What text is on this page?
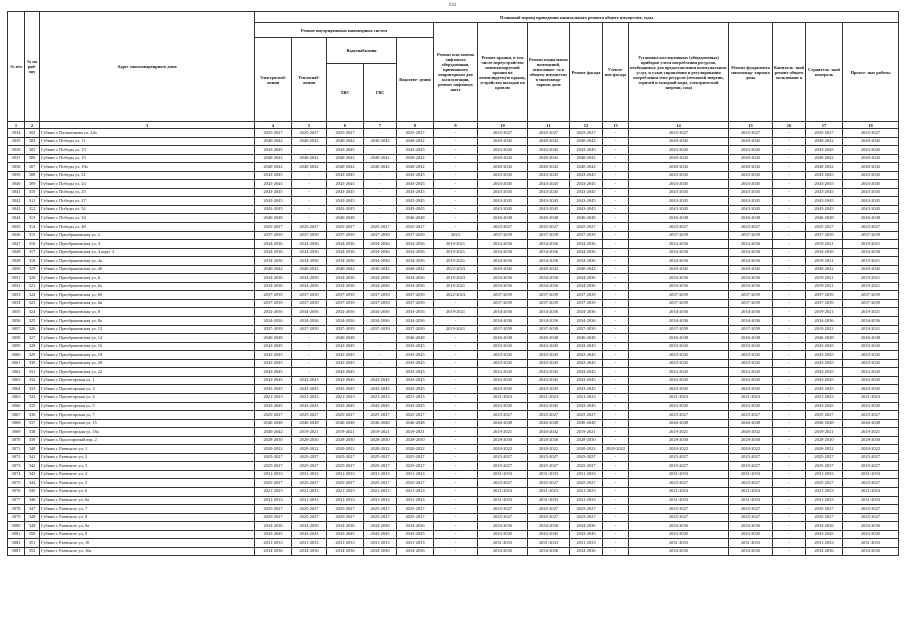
131
№ п/п	№ по рай- ону	Адрес многоквартирного дома	Плановый период проведения капитального ремонта общего имущества, годы														
			Ремонт внутридомовых инженерных систем					Ремонт или замена лифтового оборудования, признанного непригодным для эксплуатации, ремонт лифтовых шахт	Ремонт крыши, в том числе переустройство невентилируемой крыши на вентилируемую крышу, устройство выходов на кровлю	Ремонт подвальных помещений, относящих- ся к общему имуществу в многоквар- тирном доме	Ремонт фасада	Утепле- ние фасада	Установка коллективных (общедомовых) приборов учета потребления ресурсов, необходимых для предоставления коммунальных услуг, и узлов управления и регулирования потребления этих ресурсов (тепловой энергии, горячей и холодной воды, электрической энергии, газа)	Ремонт фундамента многоквар- тирного дома	Капиталь- ный ремонт общего пользовани я	Строитель- ный контроль	Проект- ные работы
			Электроснаб- жения	Теплоснаб- жения	Водоснабжения		Водоотве- дения										
					ХВС	ГВС											
1	2	3	4	5	6	7	8	9	10	11	12	13	14	15	16	17	18
3034	302	Губкин г, Пальченкова ул, 24а	2025-2027	2025-2027	2025-2027	-	2025-2027	-	2025-2027	2025-2027	2025-2027	-	2025-2027	2025-2027	-	2025-2027	2025-2027
3035	304	Губкин г, Победы ул, 11	2040-2042	2040-2042	2040-2042	2040-2042	2040-2042	-	2040-2042	2040-2042	2040-2042	-	2040-2042	2040-2042	-	2040-2042	2040-2042
3036	305	Губкин г, Победы ул, 15	2043-2045	-	2043-2045	-	2043-2045	-	2043-2045	2043-2045	2043-2045	-	2043-2045	2043-2045	-	2043-2045	2043-2045
3037	306	Губкин г, Победы ул, 19	2040-2042	2040-2042	2040-2042	2040-2042	2040-2042	-	2040-2042	2040-2042	2040-2042	-	2040-2042	2040-2042	-	2040-2042	2040-2042
3038	307	Губкин г, Победы ул, 19а	2040-2042	2040-2042	2040-2042	2040-2042	2040-2042	-	2040-2042	2040-2042	2040-2042	-	2040-2042	2040-2042	-	2040-2042	2040-2042
3039	308	Губкин г, Победы ул, 21	2043-2045	-	2043-2045	-	2043-2045	-	2043-2045	2043-2045	2043-2045	-	2043-2045	2043-2045	-	2043-2045	2043-2045
3040	309	Губкин г, Победы ул, 23	2043-2045	-	2043-2045	-	2043-2045	-	2043-2045	2043-2045	2043-2045	-	2043-2045	2043-2045	-	2043-2045	2043-2045
3041	310	Губкин г, Победы ул, 25	2043-2045	-	2043-2045	-	2043-2045	-	2043-2045	2043-2045	2043-2045	-	2043-2045	2043-2045	-	2043-2045	2043-2045
3042	311	Губкин г, Победы ул, 27	2043-2045	-	2043-2045	-	2043-2045	-	2043-2045	2043-2045	2043-2045	-	2043-2045	2043-2045	-	2043-2045	2043-2045
3043	312	Губкин г, Победы ул, 32	2043-2045	-	2043-2045	-	2043-2045	-	2043-2045	2043-2045	2043-2045	-	2043-2045	2043-2045	-	2043-2045	2043-2045
3044	313	Губкин г, Победы ул, 34	2046-2048	-	2046-2048	-	2046-2048	-	2046-2048	2046-2048	2046-2048	-	2046-2048	2046-2048	-	2046-2048	2046-2048
3045	314	Губкин г, Победы ул, 48	2025-2027	2025-2027	2025-2027	2025-2027	2025-2027	-	2025-2027	2025-2027	2025-2027	-	2025-2027	2025-2027	-	2025-2027	2025-2027
3046	315	Губкин г, Преображенская ул, 2	2037-2039	2037-2039	2037-2039	2037-2039	2037-2039	2023	2037-2039	2037-2039	2037-2039	-	2037-2039	2037-2039	-	2037-2039	2037-2039
3047	316	Губкин г, Преображенская ул, 4	2034-2036	2034-2036	2034-2036	2034-2036	2034-2036	2019-2021	2034-2036	2034-2036	2034-2036	-	2034-2036	2034-2036	-	2019-2021	2019-2021
3048	317	Губкин г, Преображенская ул, 4 корп. 2	2034-2036	2034-2036	2034-2036	2034-2036	2034-2036	2019-2021	2034-2036	2034-2036	2034-2036	-	2034-2036	2034-2036	-	2034-2036	2034-2036
3049	318	Губкин г, Преображенская ул, 4а	2034-2036	2034-2036	2034-2036	2034-2036	2034-2036	2019-2021	2034-2036	2034-2036	2034-2036	-	2034-2036	2034-2036	-	2019-2021	2019-2021
3050	319	Губкин г, Преображенская ул, 4б	2040-2042	2040-2042	2040-2042	2040-2042	2040-2042	2022-2023	2040-2042	2040-2042	2040-2042	-	2040-2042	2040-2042	-	2040-2042	2040-2042
3051	320	Губкин г, Преображенская ул, 6	2034-2036	2034-2036	2034-2036	2034-2036	2034-2036	2019-2023	2034-2036	2034-2036	2034-2036	-	2034-2036	2034-2036	-	2019-2021	2019-2021
3052	321	Губкин г, Преображенская ул, 6а	2034-2036	2034-2036	2034-2036	2034-2036	2034-2036	2019-2021	2034-2036	2034-2036	2034-2036	-	2034-2036	2034-2036	-	2019-2021	2019-2021
3053	322	Губкин г, Преображенская ул, 6б	2037-2039	2037-2039	2037-2039	2037-2039	2037-2039	2022-2023	2037-2039	2037-2039	2037-2039	-	2037-2039	2037-2039	-	2037-2039	2037-2039
3054	323	Губкин г, Преображенская ул, 6в	2037-2039	2037-2039	2037-2039	2037-2039	2037-2039	-	2037-2039	2037-2039	2037-2039	-	2037-2039	2037-2039	-	2037-2039	2037-2039
3055	324	Губкин г, Преображенская ул, 8	2034-2036	2034-2036	2034-2036	2034-2036	2034-2036	2019-2021	2034-2036	2034-2036	2034-2036	-	2034-2036	2034-2036	-	2019-2021	2019-2021
3056	325	Губкин г, Преображенская ул, 8а	2034-2036	2034-2036	2034-2036	2034-2036	2034-2036	-	2034-2036	2034-2036	2034-2036	-	2034-2036	2034-2036	-	2034-2036	2034-2036
3057	326	Губкин г, Преображенская ул, 12	2037-2039	2037-2039	2037-2039	2037-2039	2037-2039	2019-2021	2037-2039	2037-2039	2037-2039	-	2037-2039	2037-2039	-	2019-2021	2019-2021
3058	327	Губкин г, Преображенская ул, 14	2046-2048	-	2046-2048	-	2046-2048	-	2046-2048	2046-2048	2046-2048	-	2046-2048	2046-2048	-	2046-2048	2046-2048
3059	328	Губкин г, Преображенская ул, 16	2043-2045	-	2043-2045	-	2043-2045	-	2043-2045	2043-2045	2043-2045	-	2043-2045	2043-2045	-	2043-2045	2043-2045
3060	329	Губкин г, Преображенская ул, 18	2043-2045	-	2043-2045	-	2043-2045	-	2043-2045	2043-2045	2043-2045	-	2043-2045	2043-2045	-	2043-2045	2043-2045
3061	330	Губкин г, Преображенская ул, 20	2043-2045	-	2043-2045	-	2043-2045	-	2043-2045	2043-2045	2043-2045	-	2043-2045	2043-2045	-	2043-2045	2043-2045
3062	331	Губкин г, Преображенская ул, 22	2043-2045	-	2043-2045	-	2043-2045	-	2043-2045	2043-2045	2043-2045	-	2043-2045	2043-2045	-	2043-2045	2043-2045
3063	332	Губкин г, Пролетарская ул, 1	2043-2045	2043-2045	2043-2045	2043-2045	2043-2045	-	2043-2045	2043-2045	2043-2045	-	2043-2045	2043-2045	-	2043-2045	2043-2045
3064	333	Губкин г, Пролетарская ул, 3	2043-2045	2043-2045	2043-2045	2043-2045	2043-2045	-	2043-2045	2043-2045	2043-2045	-	2043-2045	2043-2045	-	2043-2045	2043-2045
3065	334	Губкин г, Пролетарская ул, 4	2021-2023	2021-2023	2021-2023	2021-2023	2021-2023	-	2021-2023	2021-2023	2021-2023	-	2021-2023	2021-2023	-	2021-2023	2021-2023
3066	335	Губкин г, Пролетарская ул, 5	2043-2045	2043-2045	2043-2045	2043-2045	2043-2045	-	2043-2045	2043-2045	2043-2045	-	2043-2045	2043-2045	-	2043-2045	2043-2045
3067	336	Губкин г, Пролетарская ул, 7	2025-2027	2025-2027	2025-2027	2025-2027	2025-2027	-	2025-2027	2025-2027	2025-2027	-	2025-2027	2025-2027	-	2025-2027	2025-2027
3068	337	Губкин г, Пролетарская ул, 15	2046-2048	2046-2048	2046-2048	2046-2048	2046-2048	-	2046-2048	2046-2048	2046-2048	-	2046-2048	2046-2048	-	2046-2048	2046-2048
3069	338	Губкин г, Пролетарская ул, 16а	2040-2042	2019-2021	2019-2021	2019-2021	2019-2021	-	2019-2021	2040-2042	2019-2021	-	2019-2021	2040-2042	-	2019-2021	2019-2021
3070	339	Губкин г, Простороный пер, 2	2028-2030	2028-2030	2028-2030	2028-2030	2028-2030	-	2028-2030	2028-2030	2028-2030	-	2028-2030	2028-2030	-	2028-2030	2028-2030
3071	340	Губкин г, Раевского ул, 1	2020-2022	2020-2022	2020-2022	2020-2022	2020-2022	-	2020-2022	2020-2022	2020-2022	2020-2022	2020-2022	2020-2022	-	2020-2022	2020-2022
3072	341	Губкин г, Раевского ул, 2	2025-2027	2025-2027	2025-2027	2025-2027	2025-2027	-	2025-2027	2025-2027	2025-2027	-	2025-2027	2025-2027	-	2025-2027	2025-2027
3073	342	Губкин г, Раевского ул, 3	2025-2027	2025-2027	2025-2027	2025-2027	2025-2027	-	2025-2027	2025-2027	2025-2027	-	2025-2027	2025-2027	-	2025-2027	2025-2027
3074	343	Губкин г, Раевского ул, 4	2031-2033	2031-2033	2031-2033	2031-2033	2031-2033	-	2031-2033	2031-2033	2031-2033	-	2031-2033	2031-2033	-	2031-2033	2031-2033
3075	344	Губкин г, Раевского ул, 5	2025-2027	2025-2027	2025-2027	2025-2027	2025-2027	-	2025-2027	2025-2027	2025-2027	-	2025-2027	2025-2027	-	2025-2027	2025-2027
3076	345	Губкин г, Раевского ул, 6	2021-2023	2021-2023	2021-2023	2021-2023	2021-2023	-	2021-2023	2021-2023	2021-2023	-	2021-2023	2021-2023	-	2021-2023	2021-2023
3077	346	Губкин г, Раевского ул, 6а	2031-2033	2031-2033	2031-2033	2031-2033	2031-2033	-	2031-2033	2031-2033	2031-2033	-	2031-2033	2031-2033	-	2031-2033	2031-2033
3078	347	Губкин г, Раевского ул, 7	2025-2027	2025-2027	2025-2027	2025-2027	2025-2027	-	2025-2027	2025-2027	2025-2027	-	2025-2027	2025-2027	-	2025-2027	2025-2027
3079	348	Губкин г, Раевского ул, 8	2025-2027	2025-2027	2025-2027	2025-2027	2025-2027	-	2025-2027	2025-2027	2025-2027	-	2025-2027	2025-2027	-	2025-2027	2025-2027
3080	349	Губкин г, Раевского ул, 8а	2034-2036	2034-2036	2034-2036	2034-2036	2034-2036	-	2034-2036	2034-2036	2034-2036	-	2034-2036	2034-2036	-	2034-2036	2034-2036
3081	350	Губкин г, Раевского ул, 9	2043-2045	2043-2045	2043-2045	2043-2045	2043-2045	-	2043-2045	2043-2045	2043-2045	-	2043-2045	2043-2045	-	2043-2045	2043-2045
3082	351	Губкин г, Раевского ул, 10	2031-2033	2031-2033	2031-2033	2031-2033	2031-2033	-	2031-2033	2031-2033	2031-2033	-	2031-2033	2031-2033	-	2031-2033	2031-2033
3083	352	Губкин г, Раевского ул, 10а	2034-2036	2034-2036	2034-2036	2034-2036	2034-2036	-	2034-2036	2034-2036	2034-2036	-	2034-2036	2034-2036	-	2034-2036	2034-2036
